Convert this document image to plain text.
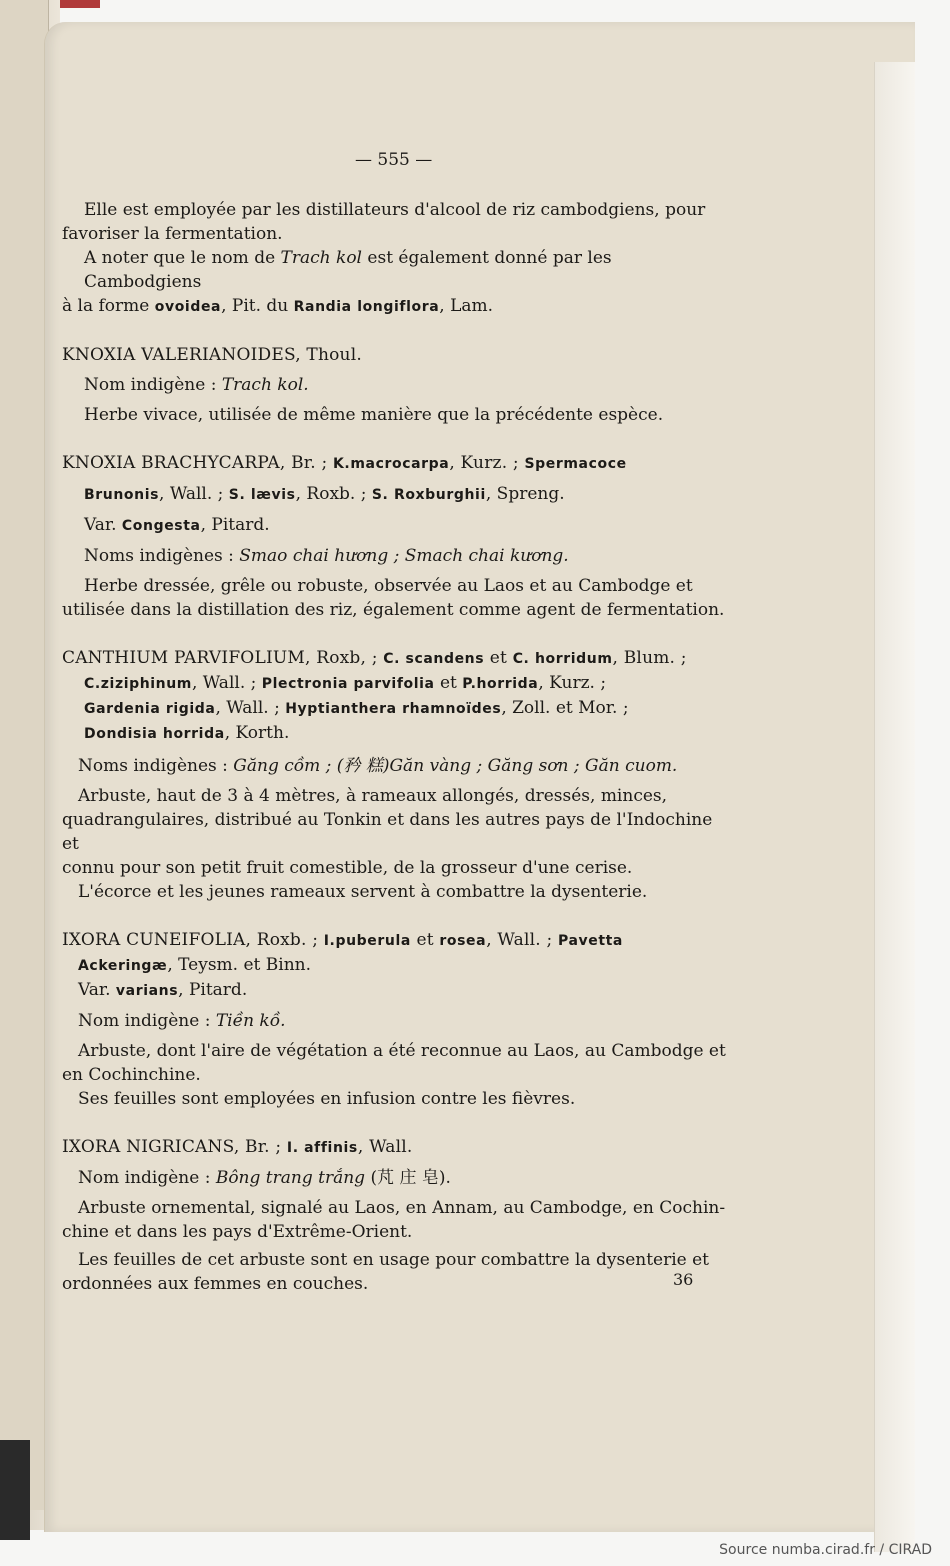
— 555 —

Elle est employée par les distillateurs d'alcool de riz cambodgiens, pour

favoriser la fermentation.

A noter que le nom de Trach kol est également donné par les Cambodgiens

à la forme ovoidea, Pit. du Randia longiflora, Lam.

KNOXIA VALERIANOIDES, Thoul.

Nom indigène : Trach kol.

Herbe vivace, utilisée de même manière que la précédente espèce.

KNOXIA BRACHYCARPA, Br. ; K.macrocarpa, Kurz. ; Spermacoce

Brunonis, Wall. ; S. lævis, Roxb. ; S. Roxburghii, Spreng.

Var. Congesta, Pitard.

Noms indigènes : Smao chai hương ; Smach chai kương.

Herbe dressée, grêle ou robuste, observée au Laos et au Cambodge et

utilisée dans la distillation des riz, également comme agent de fermentation.

CANTHIUM PARVIFOLIUM, Roxb, ; C. scandens et C. horridum, Blum. ;

C.ziziphinum, Wall. ; Plectronia parvifolia et P.horrida, Kurz. ;

Gardenia rigida, Wall. ; Hyptianthera rhamnoïdes, Zoll. et Mor. ;

Dondisia horrida, Korth.

Noms indigènes : Găng cồm ; (矜 糕)Găn vàng ; Găng sơn ; Găn cuom.

Arbuste, haut de 3 à 4 mètres, à rameaux allongés, dressés, minces,

quadrangulaires, distribué au Tonkin et dans les autres pays de l'Indochine et

connu pour son petit fruit comestible, de la grosseur d'une cerise.

L'écorce et les jeunes rameaux servent à combattre la dysenterie.

IXORA CUNEIFOLIA, Roxb. ; I.puberula et rosea, Wall. ; Pavetta

Ackeringæ, Teysm. et Binn.

Var. varians, Pitard.

Nom indigène : Tiền kồ.

Arbuste, dont l'aire de végétation a été reconnue au Laos, au Cambodge et

en Cochinchine.

Ses feuilles sont employées en infusion contre les fièvres.

IXORA NIGRICANS, Br. ; I. affinis, Wall.

Nom indigène : Bông trang trắng (芃 庄 皂).

Arbuste ornemental, signalé au Laos, en Annam, au Cambodge, en Cochin-

chine et dans les pays d'Extrême-Orient.

Les feuilles de cet arbuste sont en usage pour combattre la dysenterie et

ordonnées aux femmes en couches.	36
Source numba.cirad.fr / CIRAD
